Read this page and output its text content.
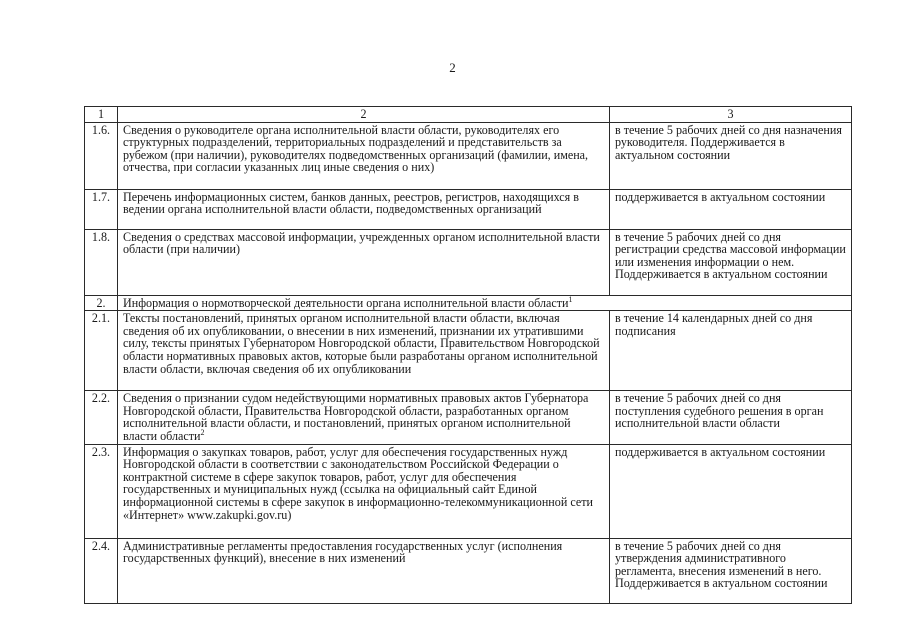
2
1	2	3
1.6.	Сведения о руководителе органа исполнительной власти области, руководителях его структурных подразделений, территориальных подразделений и представительств за рубежом (при наличии), руководителях подведомственных организаций (фамилии, имена, отчества, при согласии указанных лиц иные сведения о них)	в течение 5 рабочих дней со дня назначения руководителя. Поддерживается в актуальном состоянии
1.7.	Перечень информационных систем, банков данных, реестров, регистров, находящихся в ведении органа исполнительной власти области, подведомственных организаций	поддерживается в актуальном состоянии
1.8.	Сведения о средствах массовой информации, учрежденных органом исполнительной власти области (при наличии)	в течение 5 рабочих дней со дня регистрации средства массовой информации или изменения информации о нем. Поддерживается в актуальном состоянии
2.	Информация о нормотворческой деятельности органа исполнительной власти области$^1$
2.1.	Тексты постановлений, принятых органом исполнительной власти области, включая сведения об их опубликовании, о внесении в них изменений, признании их утратившими силу, тексты принятых Губернатором Новгородской области, Правительством Новгородской области нормативных правовых актов, которые были разработаны органом исполнительной власти области, включая сведения об их опубликовании	в течение 14 календарных дней со дня подписания
2.2.	Сведения о признании судом недействующими нормативных правовых актов Губернатора Новгородской области, Правительства Новгородской области, разработанных органом исполнительной власти области, и постановлений, принятых органом исполнительной власти области$^2$	в течение 5 рабочих дней со дня поступления судебного решения в орган исполнительной власти области
2.3.	Информация о закупках товаров, работ, услуг для обеспечения государственных нужд Новгородской области в соответствии с законодательством Российской Федерации о контрактной системе в сфере закупок товаров, работ, услуг для обеспечения государственных и муниципальных нужд (ссылка на официальный сайт Единой информационной системы в сфере закупок в информационно-телекоммуникационной сети «Интернет» www.zakupki.gov.ru)	поддерживается в актуальном состоянии
2.4.	Административные регламенты предоставления государственных услуг (исполнения государственных функций), внесение в них изменений	в течение 5 рабочих дней со дня утверждения административного регламента, внесения изменений в него. Поддерживается в актуальном состоянии
